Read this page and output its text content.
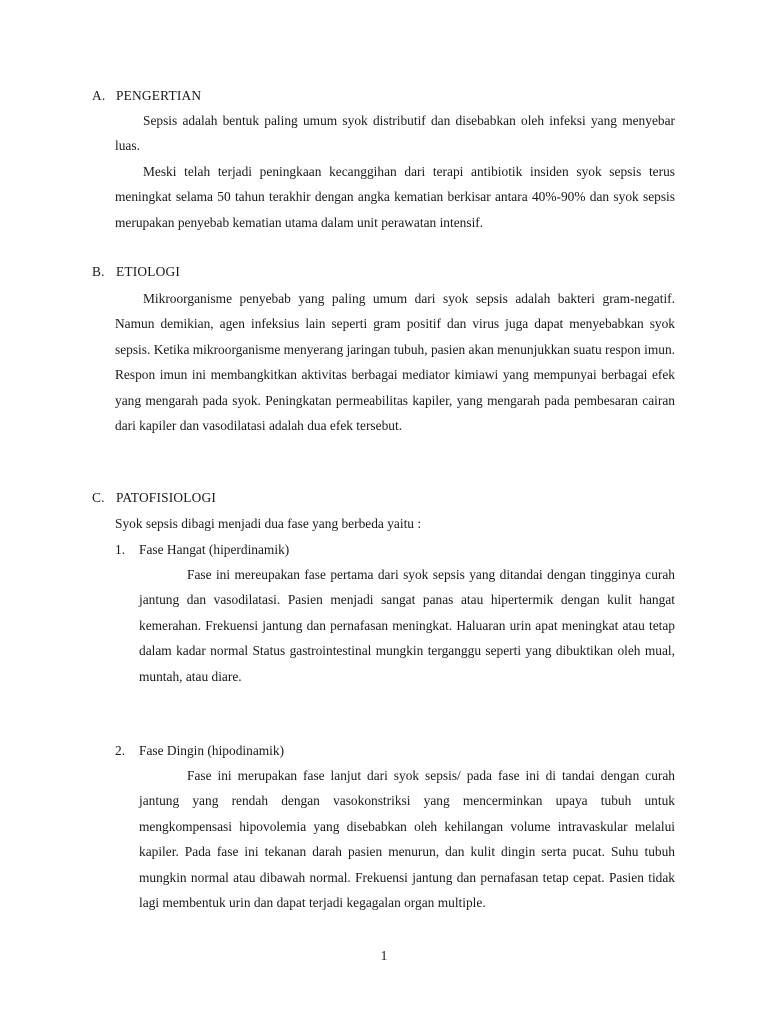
A. PENGERTIAN

Sepsis adalah bentuk paling umum syok distributif dan disebabkan oleh infeksi yang menyebar luas.

Meski telah terjadi peningkaan kecanggihan dari terapi antibiotik insiden syok sepsis terus meningkat selama 50 tahun terakhir dengan angka kematian berkisar antara 40%-90% dan syok sepsis merupakan penyebab kematian utama dalam unit perawatan intensif.

B. ETIOLOGI

Mikroorganisme penyebab yang paling umum dari syok sepsis adalah bakteri gram-negatif. Namun demikian, agen infeksius lain seperti gram positif dan virus juga dapat menyebabkan syok sepsis. Ketika mikroorganisme menyerang jaringan tubuh, pasien akan menunjukkan suatu respon imun. Respon imun ini membangkitkan aktivitas berbagai mediator kimiawi yang mempunyai berbagai efek yang mengarah pada syok. Peningkatan permeabilitas kapiler, yang mengarah pada pembesaran cairan dari kapiler dan vasodilatasi adalah dua efek tersebut.

C. PATOFISIOLOGI

Syok sepsis dibagi menjadi dua fase yang berbeda yaitu :

1. Fase Hangat (hiperdinamik)

Fase ini mereupakan fase pertama dari syok sepsis yang ditandai dengan tingginya curah jantung dan vasodilatasi. Pasien menjadi sangat panas atau hipertermik dengan kulit hangat kemerahan. Frekuensi jantung dan pernafasan meningkat. Haluaran urin apat meningkat atau tetap dalam kadar normal Status gastrointestinal mungkin terganggu seperti yang dibuktikan oleh mual, muntah, atau diare.

2. Fase Dingin (hipodinamik)

Fase ini merupakan fase lanjut dari syok sepsis/ pada fase ini di tandai dengan curah jantung yang rendah dengan vasokonstriksi yang mencerminkan upaya tubuh untuk mengkompensasi hipovolemia yang disebabkan oleh kehilangan volume intravaskular melalui kapiler. Pada fase ini tekanan darah pasien menurun, dan kulit dingin serta pucat. Suhu tubuh mungkin normal atau dibawah normal. Frekuensi jantung dan pernafasan tetap cepat. Pasien tidak lagi membentuk urin dan dapat terjadi kegagalan organ multiple.

1
